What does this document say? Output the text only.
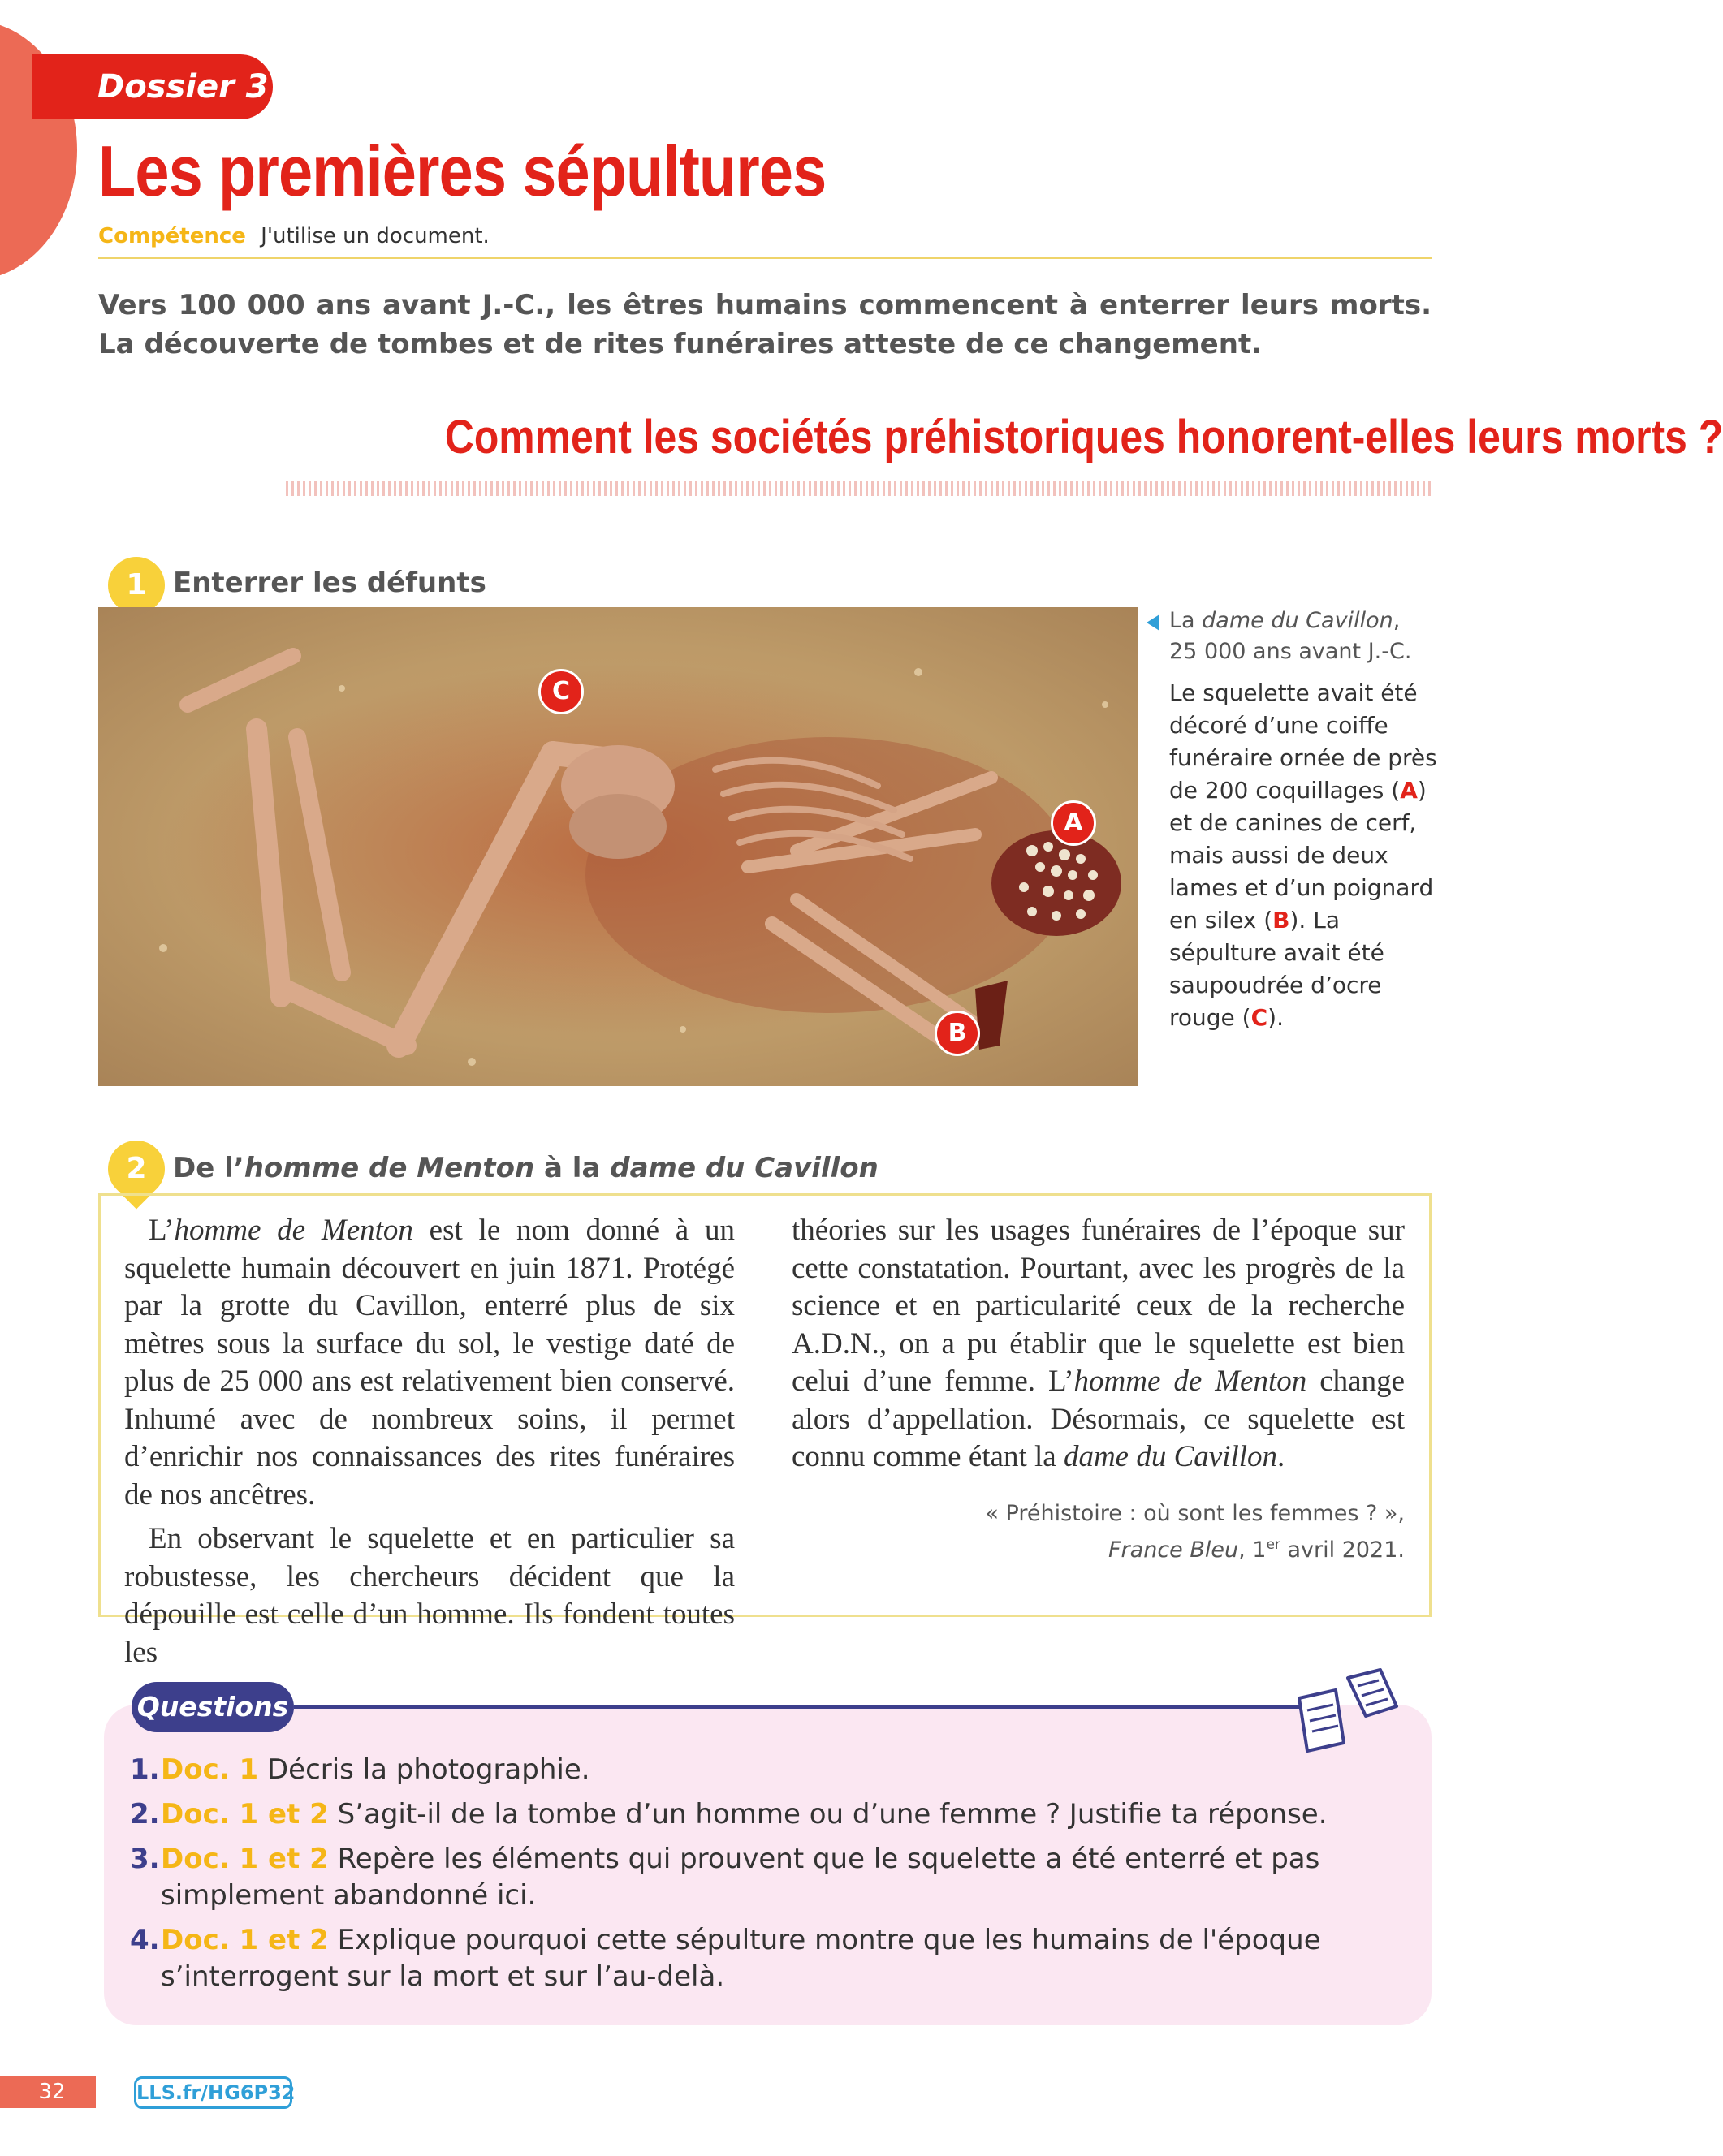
Dossier 3
Les premières sépultures
Compétence J'utilise un document.

Vers 100 000 ans avant J.-C., les êtres humains commencent à enterrer leurs morts. La découverte de tombes et de rites funéraires atteste de ce changement.

Comment les sociétés préhistoriques honorent-elles leurs morts ?
1 Enterrer les défunts
C
A
B
La dame du Cavillon,
25 000 ans avant J.-C.
Le squelette avait été décoré d’une coiffe funéraire ornée de près de 200 coquillages (A) et de canines de cerf, mais aussi de deux lames et d’un poignard en silex (B). La sépulture avait été saupoudrée d’ocre rouge (C).
2 De l’homme de Menton à la dame du Cavillon

L’homme de Menton est le nom donné à un squelette humain découvert en juin 1871. Protégé par la grotte du Cavillon, enterré plus de six mètres sous la surface du sol, le vestige daté de plus de 25 000 ans est relativement bien conservé. Inhumé avec de nombreux soins, il permet d’enrichir nos connaissances des rites funéraires de nos ancêtres.

En observant le squelette et en particulier sa robustesse, les chercheurs décident que la dépouille est celle d’un homme. Ils fondent toutes les

théories sur les usages funéraires de l’époque sur cette constatation. Pourtant, avec les progrès de la science et en particularité ceux de la recherche A.D.N., on a pu établir que le squelette est bien celui d’une femme. L’homme de Menton change alors d’appellation. Désormais, ce squelette est connu comme étant la dame du Cavillon.

« Préhistoire : où sont les femmes ? »,
France Bleu, 1er avril 2021.
Questions
1. Doc. 1 Décris la photographie.
2. Doc. 1 et 2 S’agit-il de la tombe d’un homme ou d’une femme ? Justifie ta réponse.
3. Doc. 1 et 2 Repère les éléments qui prouvent que le squelette a été enterré et pas simplement abandonné ici.
4. Doc. 1 et 2 Explique pourquoi cette sépulture montre que les humains de l'époque s’interrogent sur la mort et sur l’au-delà.
32	LLS.fr/HG6P32
